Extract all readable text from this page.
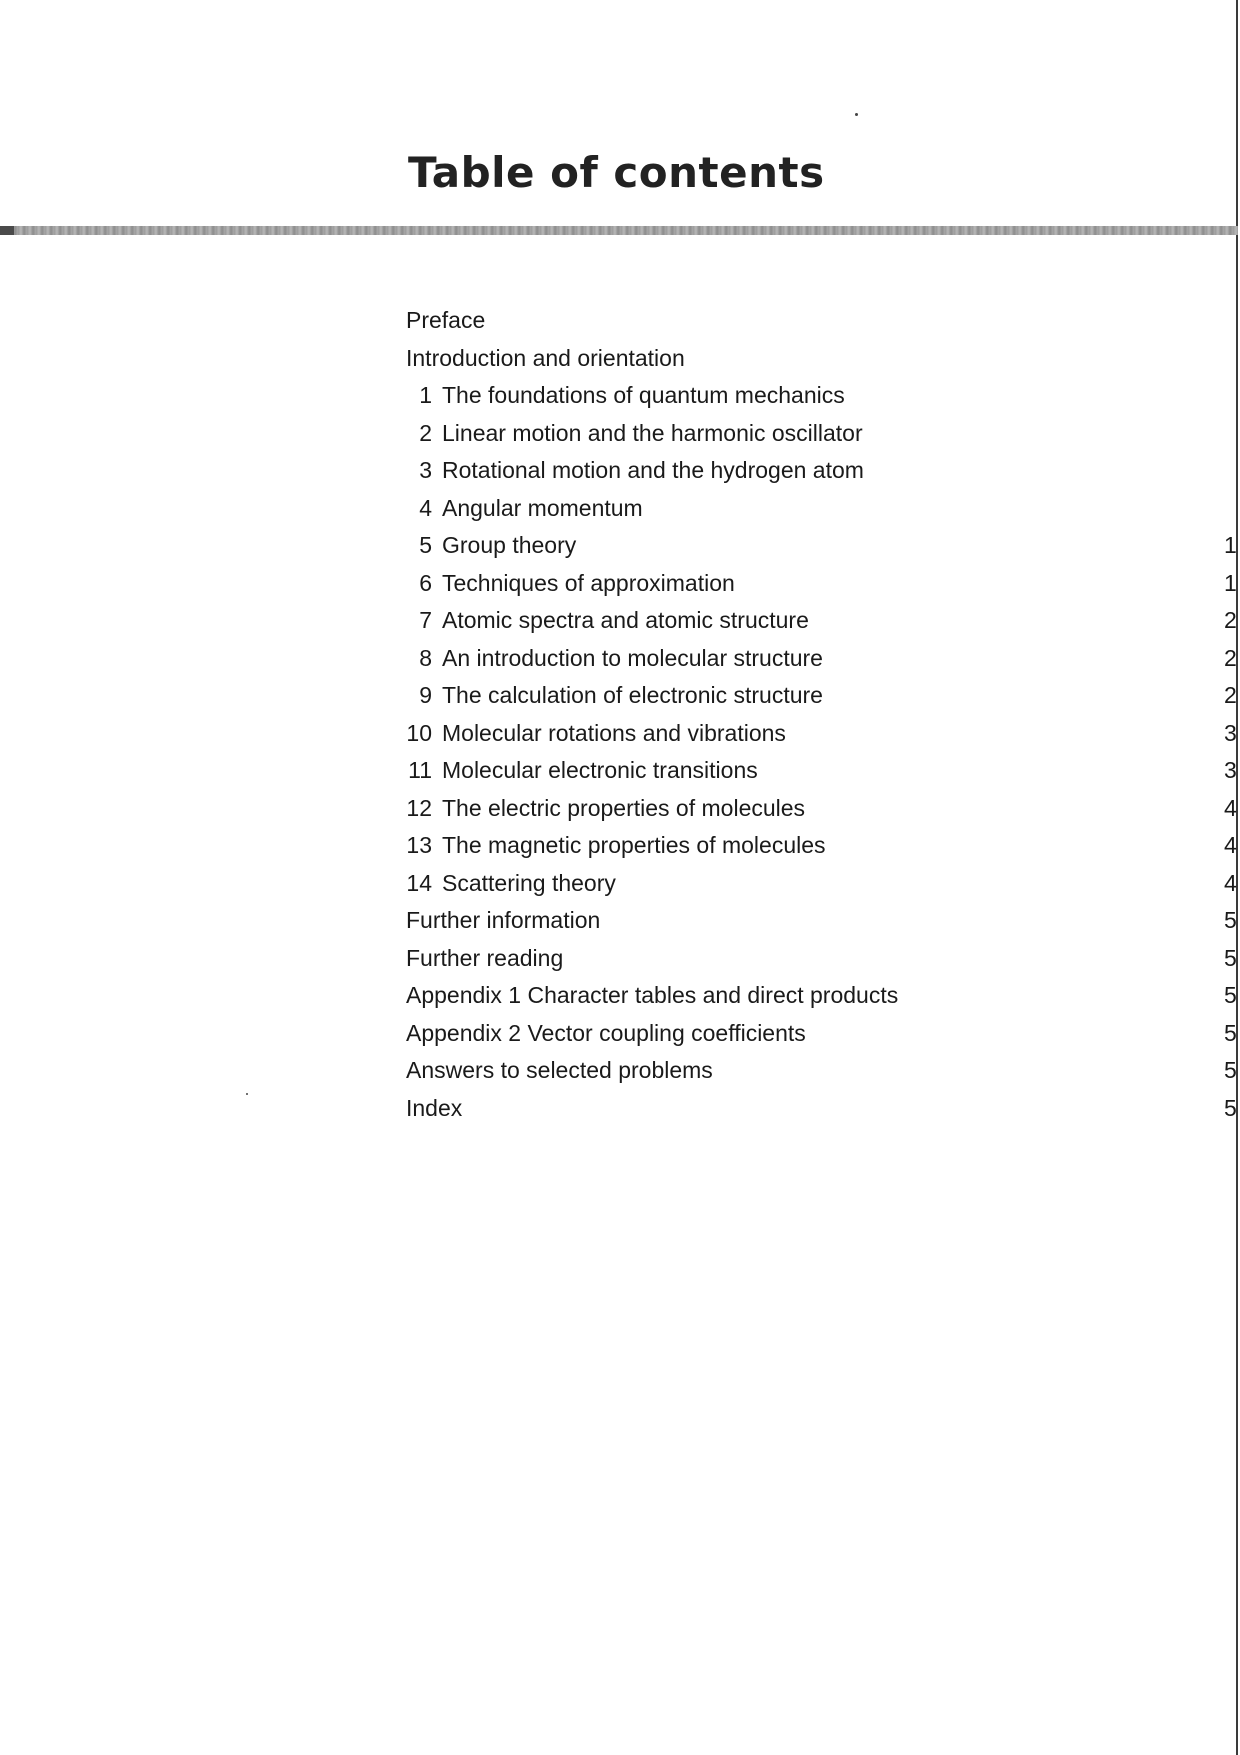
Table of contents
Preface
Introduction and orientation
1 The foundations of quantum mechanics
2 Linear motion and the harmonic oscillator
3 Rotational motion and the hydrogen atom
4 Angular momentum
5 Group theory	1
6 Techniques of approximation	1
7 Atomic spectra and atomic structure	2
8 An introduction to molecular structure	2
9 The calculation of electronic structure	2
10 Molecular rotations and vibrations	3
11 Molecular electronic transitions	3
12 The electric properties of molecules	4
13 The magnetic properties of molecules	4
14 Scattering theory	4
Further information	5
Further reading	5
Appendix 1 Character tables and direct products	5
Appendix 2 Vector coupling coefficients	5
Answers to selected problems	5
Index	5
